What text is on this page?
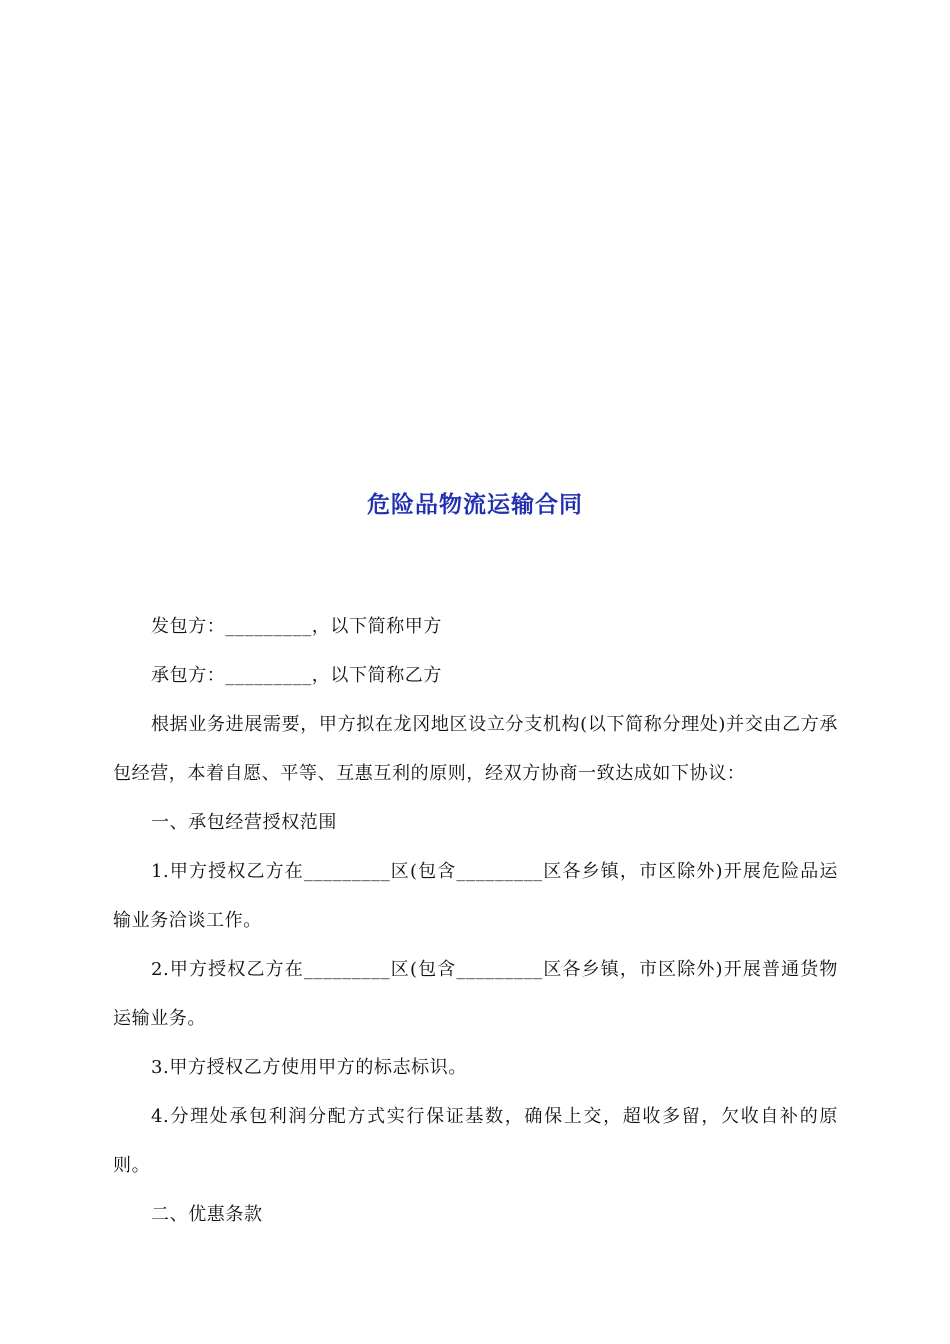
危险品物流运输合同

发包方：_________，以下简称甲方

承包方：_________，以下简称乙方

根据业务进展需要，甲方拟在龙冈地区设立分支机构(以下简称分理处)并交由乙方承包经营，本着自愿、平等、互惠互利的原则，经双方协商一致达成如下协议：

一、承包经营授权范围

1.甲方授权乙方在_________区(包含_________区各乡镇，市区除外)开展危险品运输业务洽谈工作。

2.甲方授权乙方在_________区(包含_________区各乡镇，市区除外)开展普通货物运输业务。

3.甲方授权乙方使用甲方的标志标识。

4.分理处承包利润分配方式实行保证基数，确保上交，超收多留，欠收自补的原则。

二、优惠条款
